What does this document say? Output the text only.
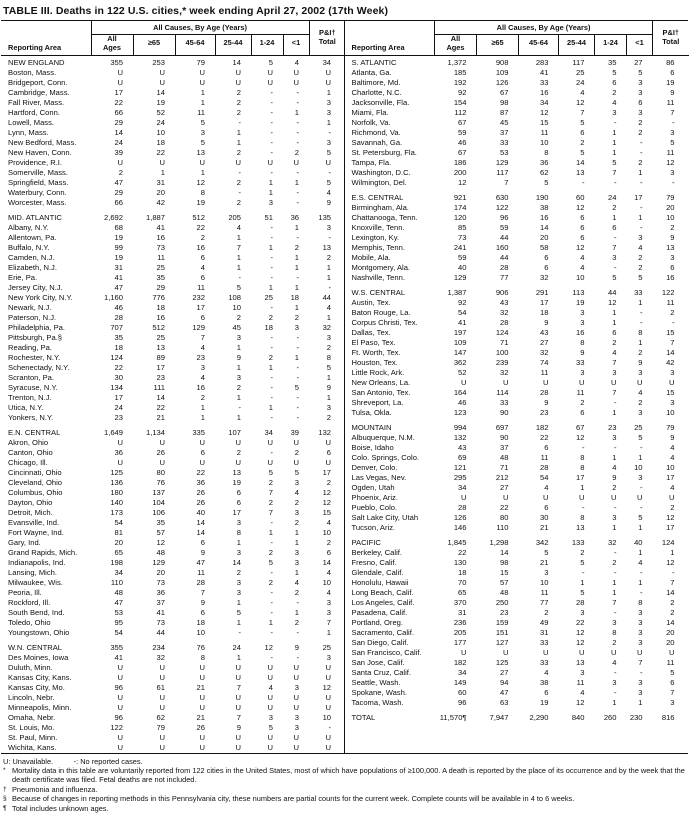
TABLE III. Deaths in 122 U.S. cities,* week ending April 27, 2002 (17th Week)
Reporting Area	All Causes, By Age (Years)						P&I†
Total
	All
Ages	≥65	45-64	25-44	1-24	<1	
NEW ENGLAND	355	253	79	14	5	4	34
Boston, Mass.	U	U	U	U	U	U	U
Bridgeport, Conn.	U	U	U	U	U	U	U
Cambridge, Mass.	17	14	1	2	-	-	1
Fall River, Mass.	22	19	1	2	-	-	3
Hartford, Conn.	66	52	11	2	-	1	3
Lowell, Mass.	29	24	5	-	-	-	1
Lynn, Mass.	14	10	3	1	-	-	-
New Bedford, Mass.	24	18	5	1	-	-	3
New Haven, Conn.	39	22	13	2	-	2	5
Providence, R.I.	U	U	U	U	U	U	U
Somerville, Mass.	2	1	1	-	-	-	-
Springfield, Mass.	47	31	12	2	1	1	5
Waterbury, Conn.	29	20	8	-	1	-	4
Worcester, Mass.	66	42	19	2	3	-	9
MID. ATLANTIC	2,692	1,887	512	205	51	36	135
Albany, N.Y.	68	41	22	4	-	1	3
Allentown, Pa.	19	16	2	1	-	-	-
Buffalo, N.Y.	99	73	16	7	1	2	13
Camden, N.J.	19	11	6	1	-	1	2
Elizabeth, N.J.	31	25	4	1	-	1	1
Erie, Pa.	41	35	6	-	-	-	1
Jersey City, N.J.	47	29	11	5	1	1	-
New York City, N.Y.	1,160	776	232	108	25	18	44
Newark, N.J.	46	18	17	10	-	1	4
Paterson, N.J.	28	16	6	2	2	2	1
Philadelphia, Pa.	707	512	129	45	18	3	32
Pittsburgh, Pa.§	35	25	7	3	-	-	3
Reading, Pa.	18	13	4	1	-	-	2
Rochester, N.Y.	124	89	23	9	2	1	8
Schenectady, N.Y.	22	17	3	1	1	-	5
Scranton, Pa.	30	23	4	3	-	-	1
Syracuse, N.Y.	134	111	16	2	-	5	9
Trenton, N.J.	17	14	2	1	-	-	1
Utica, N.Y.	24	22	1	-	1	-	3
Yonkers, N.Y.	23	21	1	1	-	-	2
E.N. CENTRAL	1,649	1,134	335	107	34	39	132
Akron, Ohio	U	U	U	U	U	U	U
Canton, Ohio	36	26	6	2	-	2	6
Chicago, Ill.	U	U	U	U	U	U	U
Cincinnati, Ohio	125	80	22	13	5	5	17
Cleveland, Ohio	136	76	36	19	2	3	2
Columbus, Ohio	180	137	26	6	7	4	12
Dayton, Ohio	140	104	26	6	2	2	12
Detroit, Mich.	173	106	40	17	7	3	15
Evansville, Ind.	54	35	14	3	-	2	4
Fort Wayne, Ind.	81	57	14	8	1	1	10
Gary, Ind.	20	12	6	1	-	1	2
Grand Rapids, Mich.	65	48	9	3	2	3	6
Indianapolis, Ind.	198	129	47	14	5	3	14
Lansing, Mich.	34	20	11	2	-	1	4
Milwaukee, Wis.	110	73	28	3	2	4	10
Peoria, Ill.	48	36	7	3	-	2	4
Rockford, Ill.	47	37	9	1	-	-	3
South Bend, Ind.	53	41	6	5	-	1	3
Toledo, Ohio	95	73	18	1	1	2	7
Youngstown, Ohio	54	44	10	-	-	-	1
W.N. CENTRAL	355	234	76	24	12	9	25
Des Moines, Iowa	41	32	8	1	-	-	3
Duluth, Minn.	U	U	U	U	U	U	U
Kansas City, Kans.	U	U	U	U	U	U	U
Kansas City, Mo.	96	61	21	7	4	3	12
Lincoln, Nebr.	U	U	U	U	U	U	U
Minneapolis, Minn.	U	U	U	U	U	U	U
Omaha, Nebr.	96	62	21	7	3	3	10
St. Louis, Mo.	122	79	26	9	5	3	-
St. Paul, Minn.	U	U	U	U	U	U	U
Wichita, Kans.	U	U	U	U	U	U	U
Reporting Area	All Causes, By Age (Years)						P&I†
Total
	All
Ages	≥65	45-64	25-44	1-24	<1	
S. ATLANTIC	1,372	908	283	117	35	27	86
Atlanta, Ga.	185	109	41	25	5	5	6
Baltimore, Md.	192	126	33	24	6	3	19
Charlotte, N.C.	92	67	16	4	2	3	9
Jacksonville, Fla.	154	98	34	12	4	6	11
Miami, Fla.	112	87	12	7	3	3	7
Norfolk, Va.	67	45	15	5	-	2	-
Richmond, Va.	59	37	11	6	1	2	3
Savannah, Ga.	46	33	10	2	1	-	5
St. Petersburg, Fla.	67	53	8	5	1	-	11
Tampa, Fla.	186	129	36	14	5	2	12
Washington, D.C.	200	117	62	13	7	1	3
Wilmington, Del.	12	7	5	-	-	-	-
E.S. CENTRAL	921	630	190	60	24	17	79
Birmingham, Ala.	174	122	38	12	2	-	20
Chattanooga, Tenn.	120	96	16	6	1	1	10
Knoxville, Tenn.	85	59	14	6	6	-	2
Lexington, Ky.	73	44	20	6	-	3	9
Memphis, Tenn.	241	160	58	12	7	4	13
Mobile, Ala.	59	44	6	4	3	2	3
Montgomery, Ala.	40	28	6	4	-	2	6
Nashville, Tenn.	129	77	32	10	5	5	16
W.S. CENTRAL	1,387	906	291	113	44	33	122
Austin, Tex.	92	43	17	19	12	1	11
Baton Rouge, La.	54	32	18	3	1	-	2
Corpus Christi, Tex.	41	28	9	3	1	-	-
Dallas, Tex.	197	124	43	16	6	8	15
El Paso, Tex.	109	71	27	8	2	1	7
Ft. Worth, Tex.	147	100	32	9	4	2	14
Houston, Tex.	362	239	74	33	7	9	42
Little Rock, Ark.	52	32	11	3	3	3	3
New Orleans, La.	U	U	U	U	U	U	U
San Antonio, Tex.	164	114	28	11	7	4	15
Shreveport, La.	46	33	9	2	-	2	3
Tulsa, Okla.	123	90	23	6	1	3	10
MOUNTAIN	994	697	182	67	23	25	79
Albuquerque, N.M.	132	90	22	12	3	5	9
Boise, Idaho	43	37	6	-	-	-	4
Colo. Springs, Colo.	69	48	11	8	1	1	4
Denver, Colo.	121	71	28	8	4	10	10
Las Vegas, Nev.	295	212	54	17	9	3	17
Ogden, Utah	34	27	4	1	2	-	4
Phoenix, Ariz.	U	U	U	U	U	U	U
Pueblo, Colo.	28	22	6	-	-	-	2
Salt Lake City, Utah	126	80	30	8	3	5	12
Tucson, Ariz.	146	110	21	13	1	1	17
PACIFIC	1,845	1,298	342	133	32	40	124
Berkeley, Calif.	22	14	5	2	-	1	1
Fresno, Calif.	130	98	21	5	2	4	12
Glendale, Calif.	18	15	3	-	-	-	-
Honolulu, Hawaii	70	57	10	1	1	1	7
Long Beach, Calif.	65	48	11	5	1	-	14
Los Angeles, Calif.	370	250	77	28	7	8	2
Pasadena, Calif.	31	23	2	3	-	3	2
Portland, Oreg.	236	159	49	22	3	3	14
Sacramento, Calif.	205	151	31	12	8	3	20
San Diego, Calif.	177	127	33	12	2	3	20
San Francisco, Calif.	U	U	U	U	U	U	U
San Jose, Calif.	182	125	33	13	4	7	11
Santa Cruz, Calif.	34	27	4	3	-	-	5
Seattle, Wash.	149	94	38	11	3	3	6
Spokane, Wash.	60	47	6	4	-	3	7
Tacoma, Wash.	96	63	19	12	1	1	3
TOTAL	11,570¶	7,947	2,290	840	260	230	816
U: Unavailable.          -: No reported cases.
* Mortality data in this table are voluntarily reported from 122 cities in the United States, most of which have populations of ≥100,000. A death is reported by the place of its occurrence and by the week that the death certificate was filed. Fetal deaths are not included.
† Pneumonia and influenza.
§ Because of changes in reporting methods in this Pennsylvania city, these numbers are partial counts for the current week. Complete counts will be available in 4 to 6 weeks.
¶ Total includes unknown ages.
